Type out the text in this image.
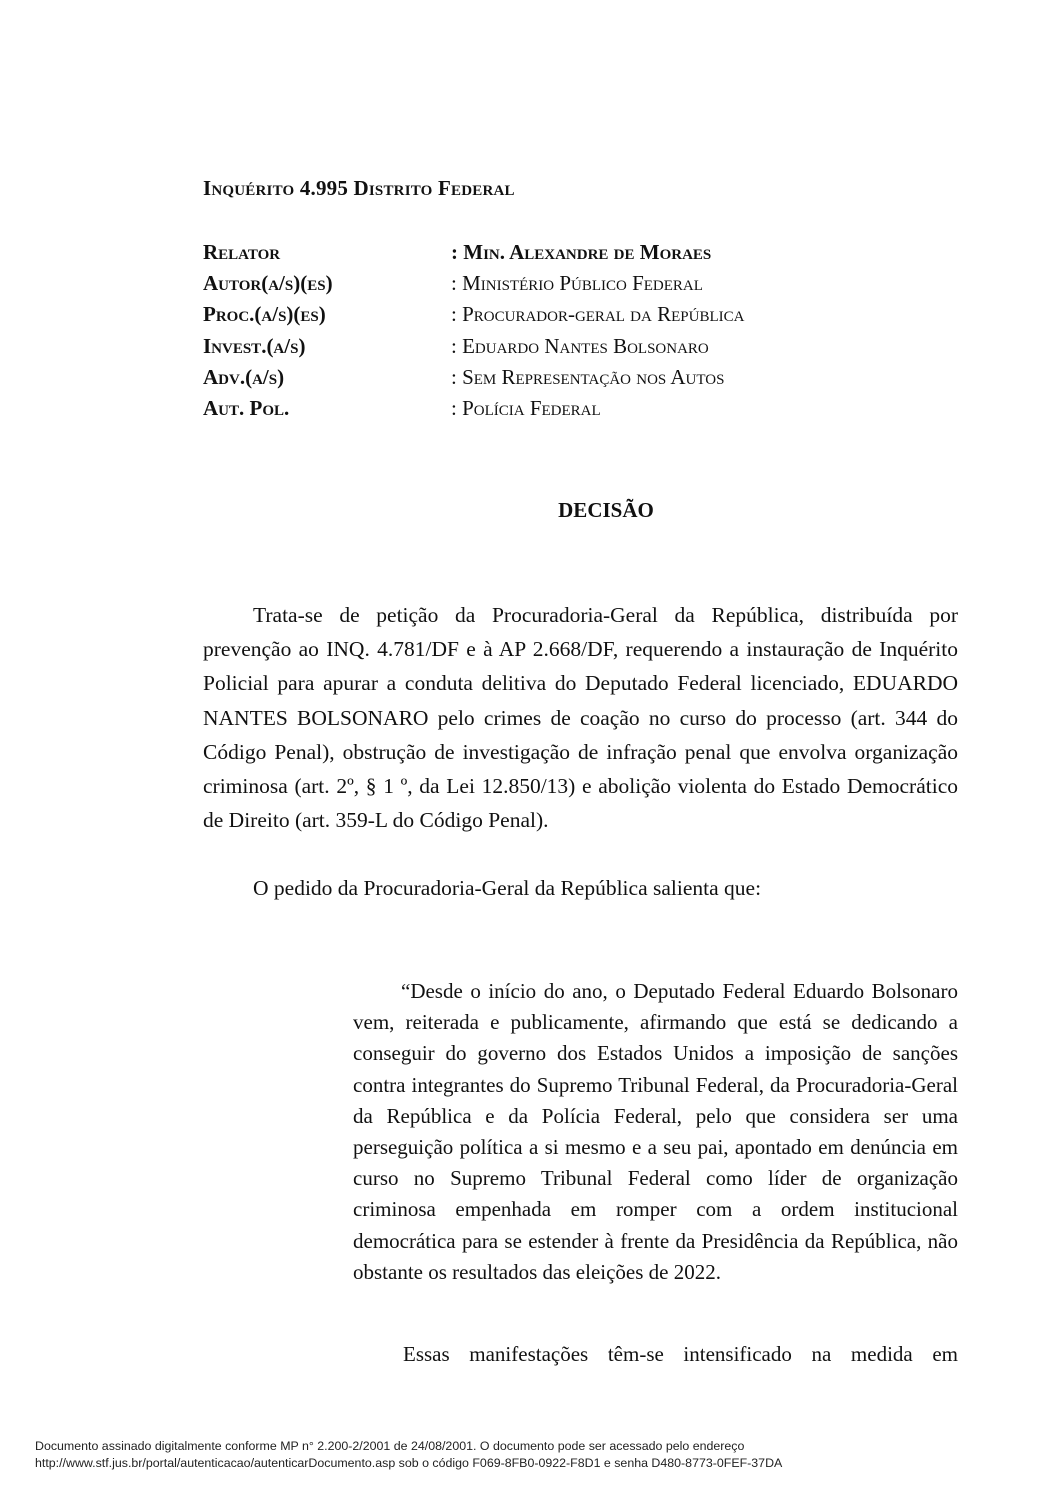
Inquérito 4.995 Distrito Federal
Relator	: Min. Alexandre de Moraes
Autor(a/s)(es)	: Ministério Público Federal
Proc.(a/s)(es)	: Procurador-geral da República
Invest.(a/s)	: Eduardo Nantes Bolsonaro
Adv.(a/s)	: Sem Representação nos Autos
Aut. Pol.	: Polícia Federal
DECISÃO

Trata-se de petição da Procuradoria-Geral da República, distribuída por prevenção ao INQ. 4.781/DF e à AP 2.668/DF, requerendo a instauração de Inquérito Policial para apurar a conduta delitiva do Deputado Federal licenciado, EDUARDO NANTES BOLSONARO pelo crimes de coação no curso do processo (art. 344 do Código Penal), obstrução de investigação de infração penal que envolva organização criminosa (art. 2º, § 1 º, da Lei 12.850/13) e abolição violenta do Estado Democrático de Direito (art. 359-L do Código Penal).

O pedido da Procuradoria-Geral da República salienta que:

“Desde o início do ano, o Deputado Federal Eduardo Bolsonaro vem, reiterada e publicamente, afirmando que está se dedicando a conseguir do governo dos Estados Unidos a imposição de sanções contra integrantes do Supremo Tribunal Federal, da Procuradoria-Geral da República e da Polícia Federal, pelo que considera ser uma perseguição política a si mesmo e a seu pai, apontado em denúncia em curso no Supremo Tribunal Federal como líder de organização criminosa empenhada em romper com a ordem institucional democrática para se estender à frente da Presidência da República, não obstante os resultados das eleições de 2022.

Essas manifestações têm-se intensificado na medida em

Documento assinado digitalmente conforme MP n° 2.200-2/2001 de 24/08/2001. O documento pode ser acessado pelo endereço
http://www.stf.jus.br/portal/autenticacao/autenticarDocumento.asp sob o código F069-8FB0-0922-F8D1 e senha D480-8773-0FEF-37DA
